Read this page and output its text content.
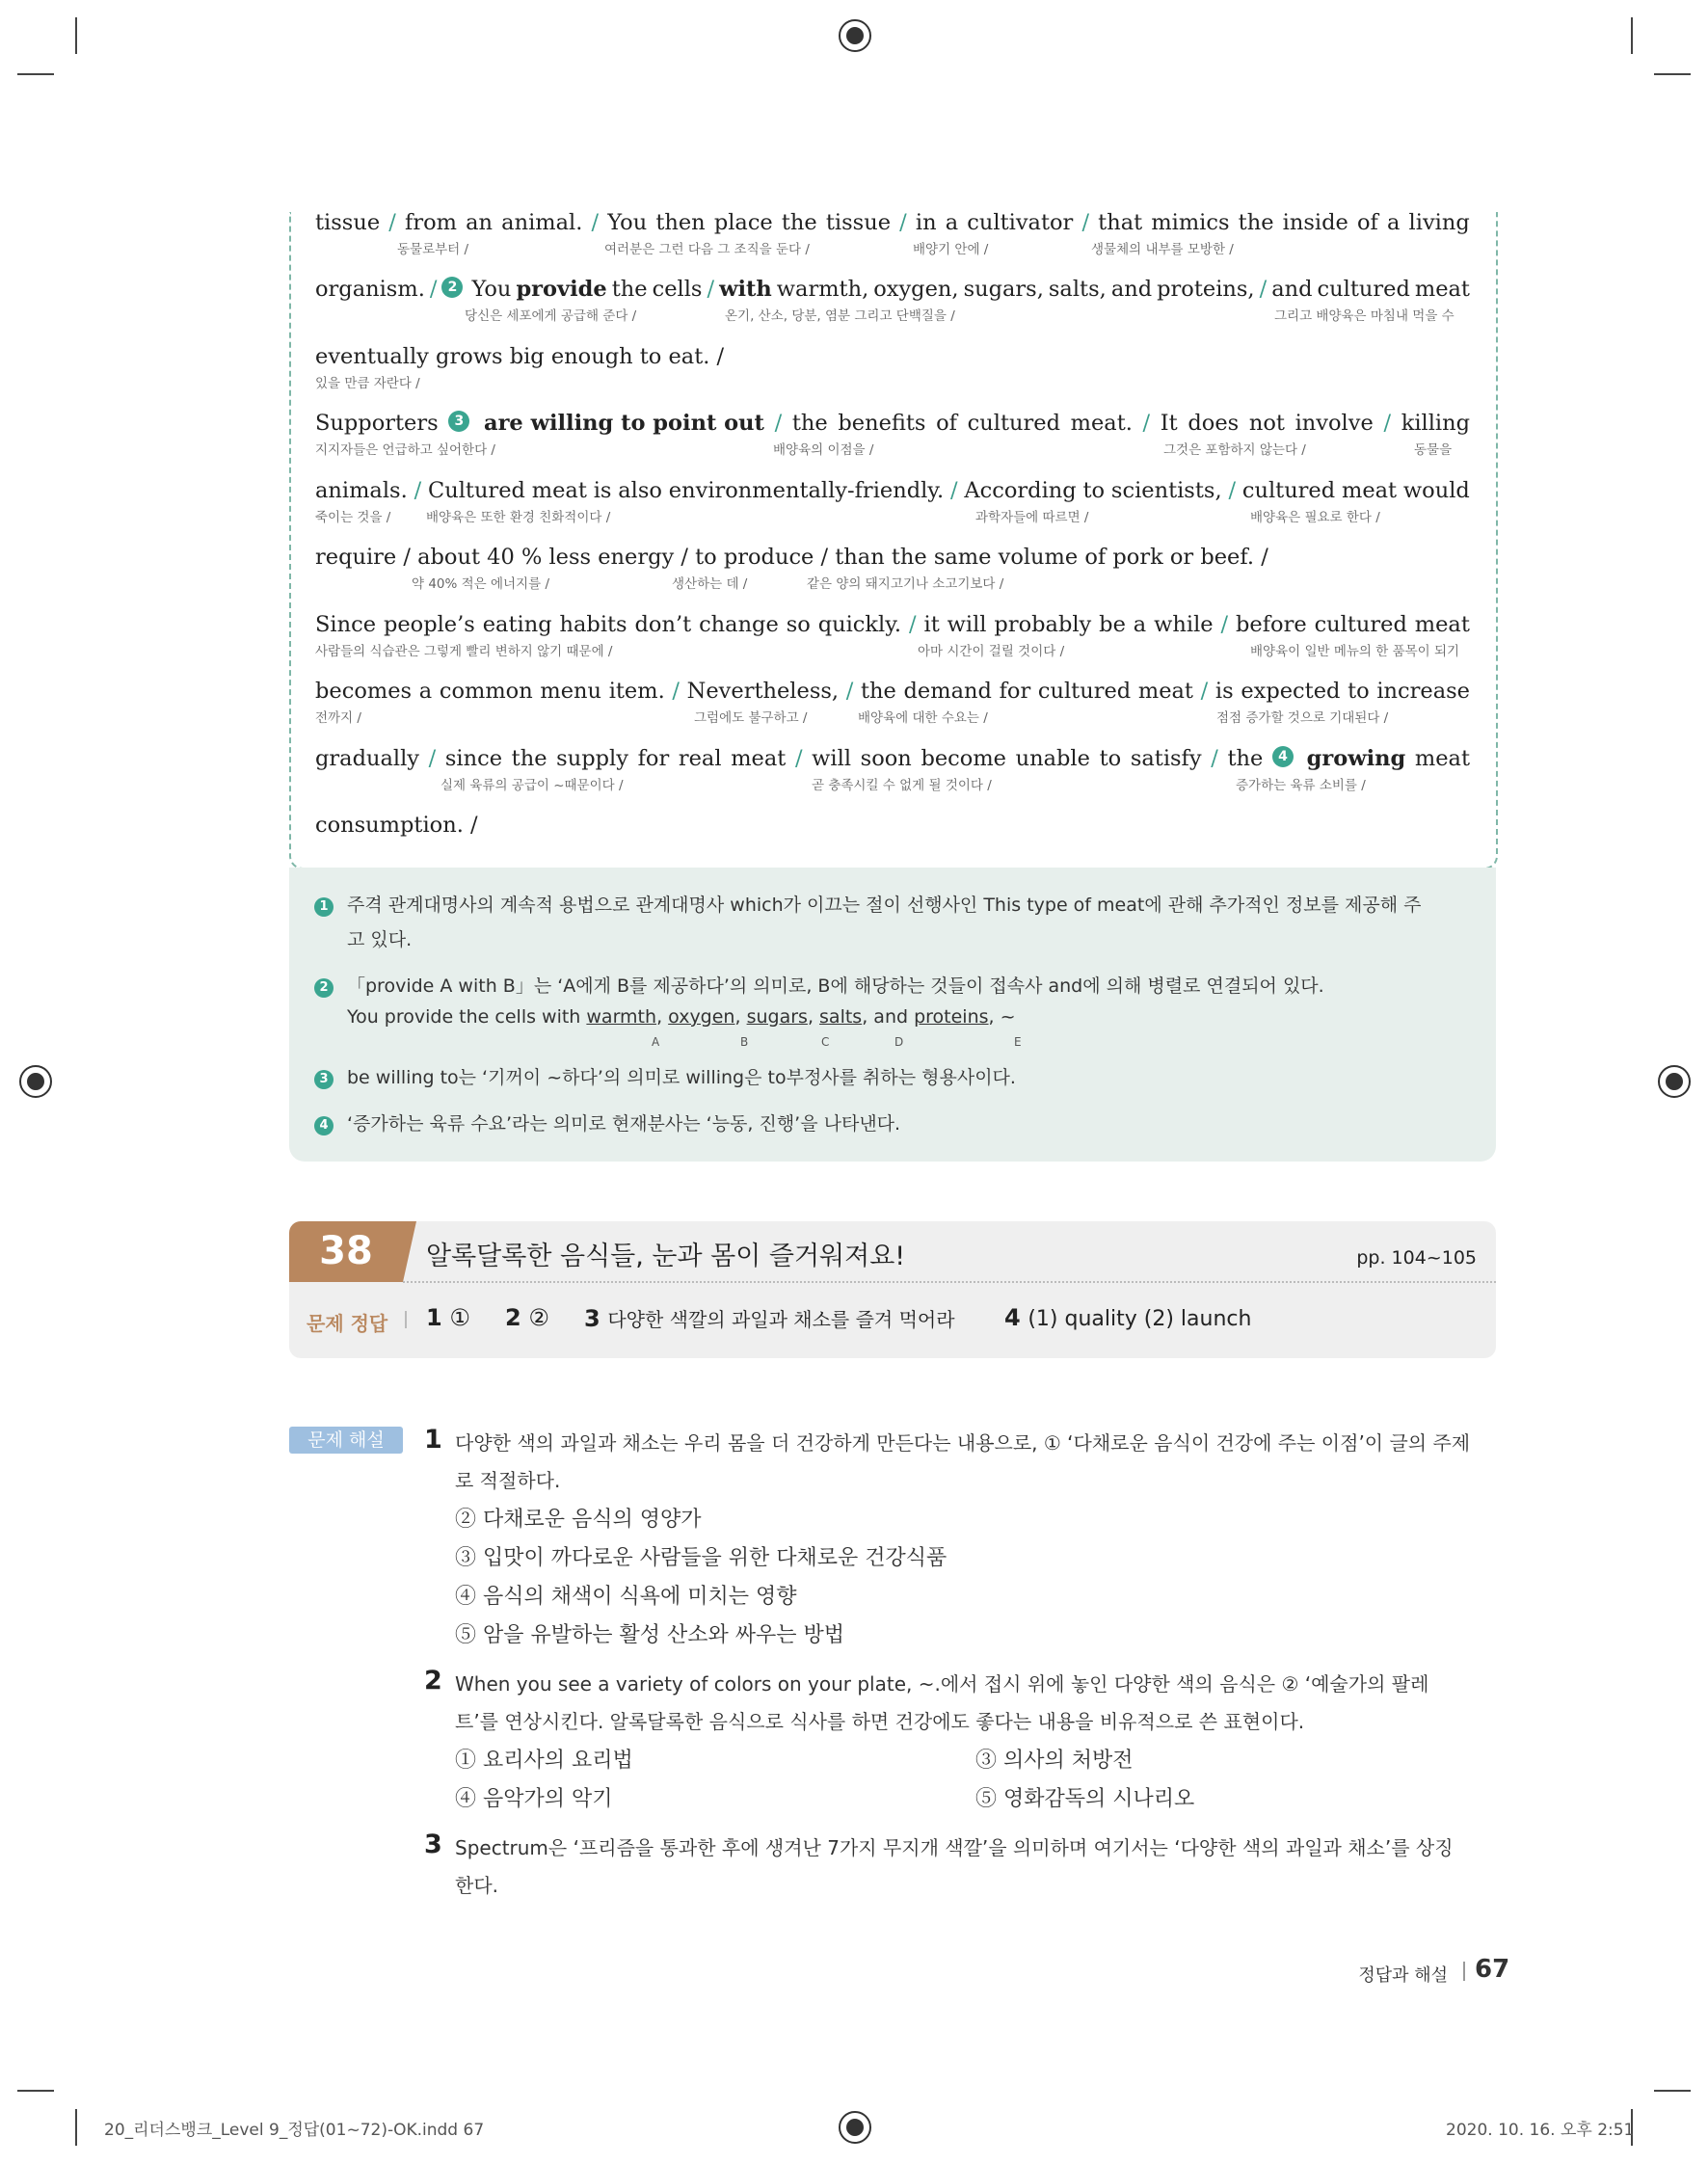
tissue / from an animal. / You then place the tissue / in a cultivator / that mimics the inside of a living
동물로부터 /	여러분은 그런 다음 그 조직을 둔다 /	배양기 안에 /	생물체의 내부를 모방한 /
organism. / 2 You provide the cells / with warmth, oxygen, sugars, salts, and proteins, / and cultured meat
당신은 세포에게 공급해 준다 /	온기, 산소, 당분, 염분 그리고 단백질을 /	그리고 배양육은 마침내 먹을 수
eventually grows big enough to eat. /
있을 만큼 자란다 /
Supporters	3 are willing to point out / the benefits of cultured meat. / It does not involve / killing
지지자들은 언급하고 싶어한다 /	배양육의 이점을 /	그것은 포함하지 않는다 /	동물을
animals. / Cultured meat is also environmentally-friendly. / According to scientists, / cultured meat would
죽이는 것을 /	배양육은 또한 환경 친화적이다 /	과학자들에 따르면 /	배양육은 필요로 한다 /
require / about 40 % less energy / to produce / than the same volume of pork or beef. /
약 40% 적은 에너지를 /	생산하는 데 /	같은 양의 돼지고기나 소고기보다 /
Since people’s eating habits don’t change so quickly. / it will probably be a while / before cultured meat
사람들의 식습관은 그렇게 빨리 변하지 않기 때문에 /	아마 시간이 걸릴 것이다 /	배양육이 일반 메뉴의 한 품목이 되기
becomes a common menu item. / Nevertheless, / the demand for cultured meat / is expected to increase
전까지 /	그럼에도 불구하고 /	배양육에 대한 수요는 /	점점 증가할 것으로 기대된다 /
gradually / since the supply for real meat / will soon become unable to satisfy / the	4 growing meat
실제 육류의 공급이 ~때문이다 /	곧 충족시킬 수 없게 될 것이다 /	증가하는 육류 소비를 /
consumption. /
1 주격 관계대명사의 계속적 용법으로 관계대명사 which가 이끄는 절이 선행사인 This type of meat에 관해 추가적인 정보를 제공해 주
고 있다.
2 「provide A with B」는 ‘A에게 B를 제공하다’의 의미로, B에 해당하는 것들이 접속사 and에 의해 병렬로 연결되어 있다.
You provide the cells with warmth, oxygen, sugars, salts, and proteins, ~
A	B	C	D	E
3 be willing to는 ‘기꺼이 ~하다’의 의미로 willing은 to부정사를 취하는 형용사이다.
4 ‘증가하는 육류 수요’라는 의미로 현재분사는 ‘능동, 진행’을 나타낸다.
38	알록달록한 음식들, 눈과 몸이 즐거워져요!	pp. 104~105
문제 정답 1 ① 2 ② 3 다양한 색깔의 과일과 채소를 즐겨 먹어라 4 (1) quality (2) launch
문제 해설	1 다양한 색의 과일과 채소는 우리 몸을 더 건강하게 만든다는 내용으로, ① ‘다채로운 음식이 건강에 주는 이점’이 글의 주제
로 적절하다.
② 다채로운 음식의 영양가
③ 입맛이 까다로운 사람들을 위한 다채로운 건강식품
④ 음식의 채색이 식욕에 미치는 영향
⑤ 암을 유발하는 활성 산소와 싸우는 방법
2 When you see a variety of colors on your plate, ~.에서 접시 위에 놓인 다양한 색의 음식은 ② ‘예술가의 팔레
트’를 연상시킨다. 알록달록한 음식으로 식사를 하면 건강에도 좋다는 내용을 비유적으로 쓴 표현이다.
① 요리사의 요리법	③ 의사의 처방전
④ 음악가의 악기	⑤ 영화감독의 시나리오
3 Spectrum은 ‘프리즘을 통과한 후에 생겨난 7가지 무지개 색깔’을 의미하며 여기서는 ‘다양한 색의 과일과 채소’를 상징
한다.
정답과 해설 67
20_리더스뱅크_Level 9_정답(01~72)-OK.indd 67	2020. 10. 16. 오후 2:51
